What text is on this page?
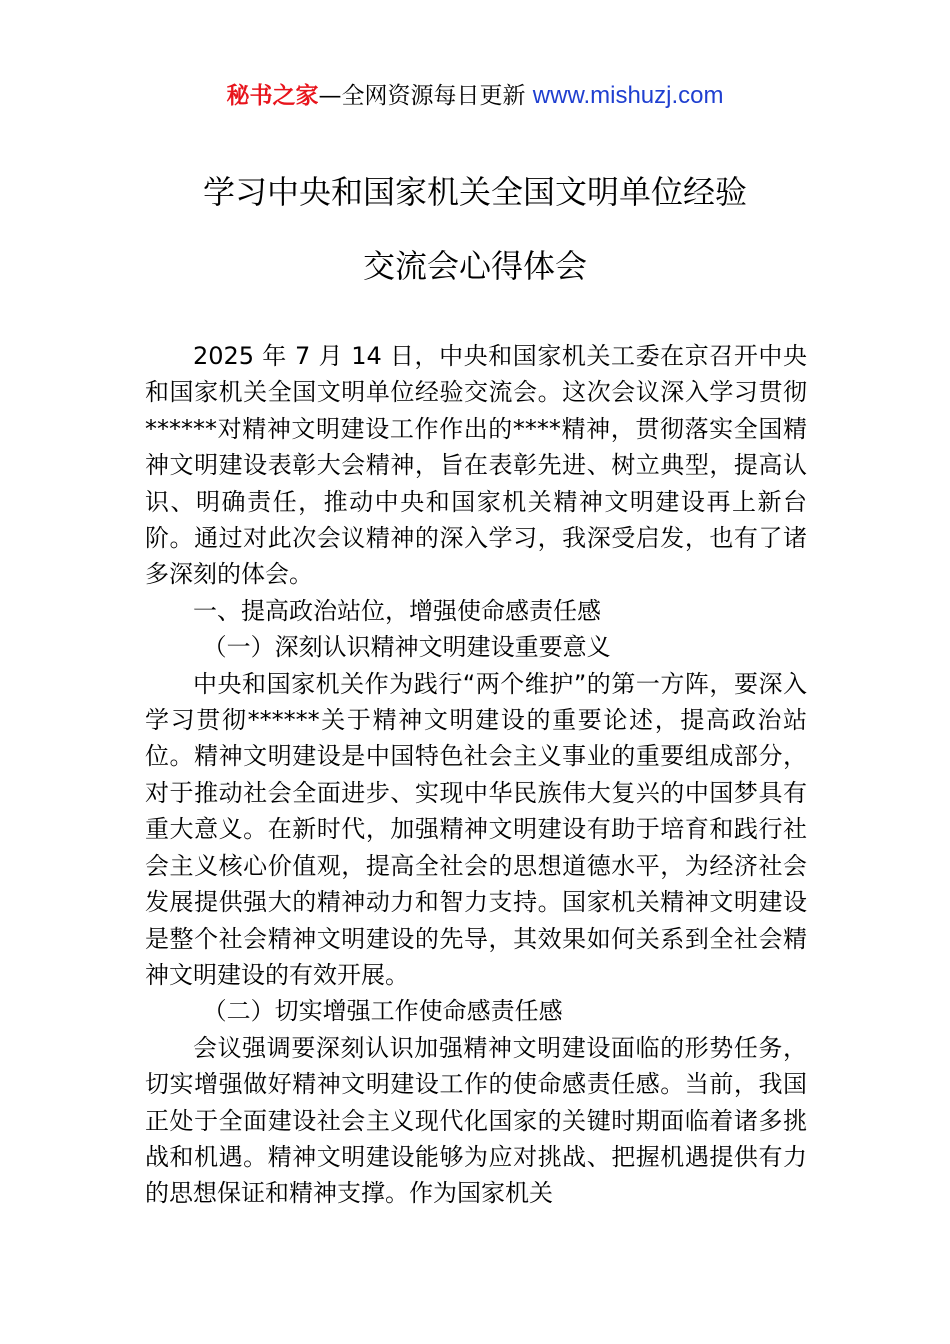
秘书之家—全网资源每日更新 www.mishuzj.com
学习中央和国家机关全国文明单位经验
交流会心得体会

2025 年 7 月 14 日，中央和国家机关工委在京召开中央和国家机关全国文明单位经验交流会。这次会议深入学习贯彻******对精神文明建设工作作出的****精神，贯彻落实全国精神文明建设表彰大会精神，旨在表彰先进、树立典型，提高认识、明确责任，推动中央和国家机关精神文明建设再上新台阶。通过对此次会议精神的深入学习，我深受启发，也有了诸多深刻的体会。

一、提高政治站位，增强使命感责任感

（一）深刻认识精神文明建设重要意义

中央和国家机关作为践行“两个维护”的第一方阵，要深入学习贯彻******关于精神文明建设的重要论述，提高政治站位。精神文明建设是中国特色社会主义事业的重要组成部分，对于推动社会全面进步、实现中华民族伟大复兴的中国梦具有重大意义。在新时代，加强精神文明建设有助于培育和践行社会主义核心价值观，提高全社会的思想道德水平，为经济社会发展提供强大的精神动力和智力支持。国家机关精神文明建设是整个社会精神文明建设的先导，其效果如何关系到全社会精神文明建设的有效开展。

（二）切实增强工作使命感责任感

会议强调要深刻认识加强精神文明建设面临的形势任务，切实增强做好精神文明建设工作的使命感责任感。当前，我国正处于全面建设社会主义现代化国家的关键时期面临着诸多挑战和机遇。精神文明建设能够为应对挑战、把握机遇提供有力的思想保证和精神支撑。作为国家机关
